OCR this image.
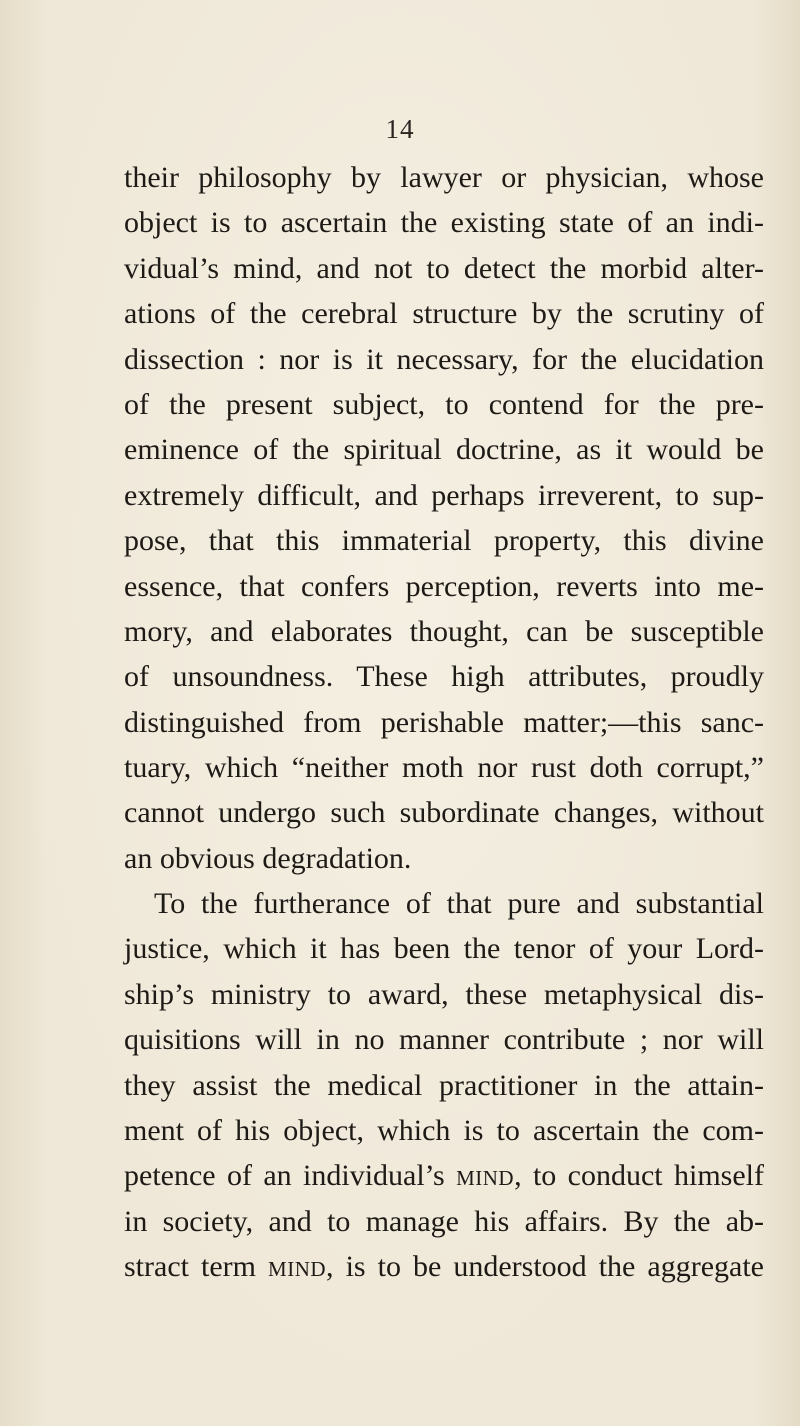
14
their philosophy by lawyer or physician, whose
object is to ascertain the existing state of an indi-
vidual’s mind, and not to detect the morbid alter-
ations of the cerebral structure by the scrutiny of
dissection : nor is it necessary, for the elucidation
of the present subject, to contend for the pre-
eminence of the spiritual doctrine, as it would be
extremely difficult, and perhaps irreverent, to sup-
pose, that this immaterial property, this divine
essence, that confers perception, reverts into me-
mory, and elaborates thought, can be susceptible
of unsoundness. These high attributes, proudly
distinguished from perishable matter;—this sanc-
tuary, which “neither moth nor rust doth corrupt,”
cannot undergo such subordinate changes, without
an obvious degradation.
To the furtherance of that pure and substantial
justice, which it has been the tenor of your Lord-
ship’s ministry to award, these metaphysical dis-
quisitions will in no manner contribute ; nor will
they assist the medical practitioner in the attain-
ment of his object, which is to ascertain the com-
petence of an individual’s mind, to conduct himself
in society, and to manage his affairs. By the ab-
stract term mind, is to be understood the aggregate
